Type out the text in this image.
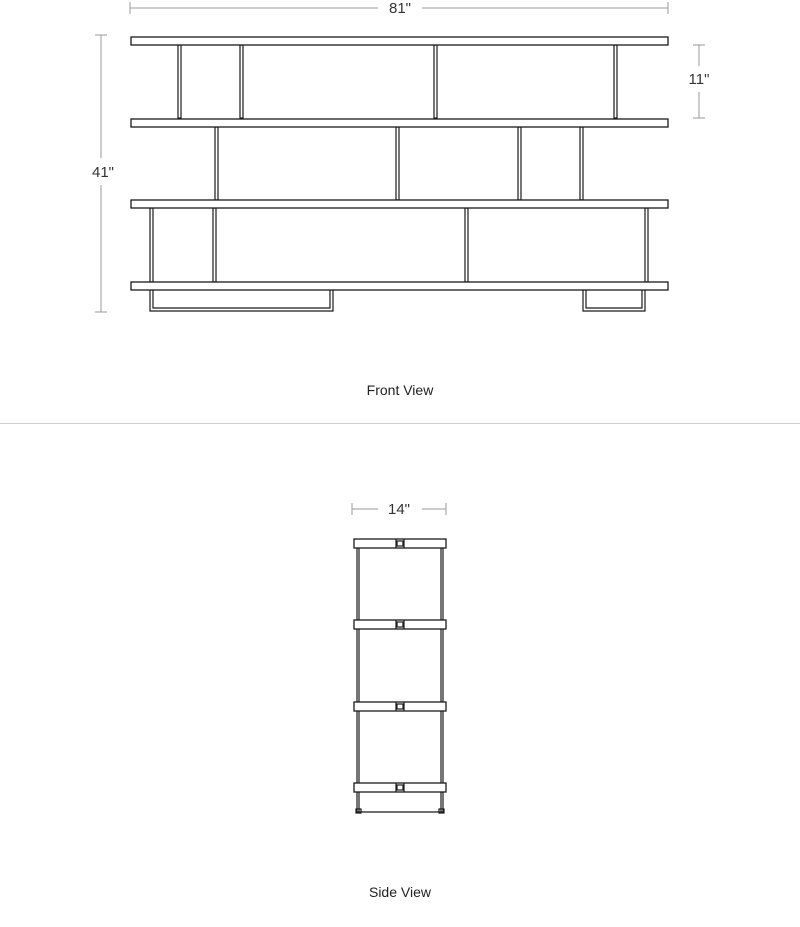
81"
41"
11"
14"
Front View
Side View
